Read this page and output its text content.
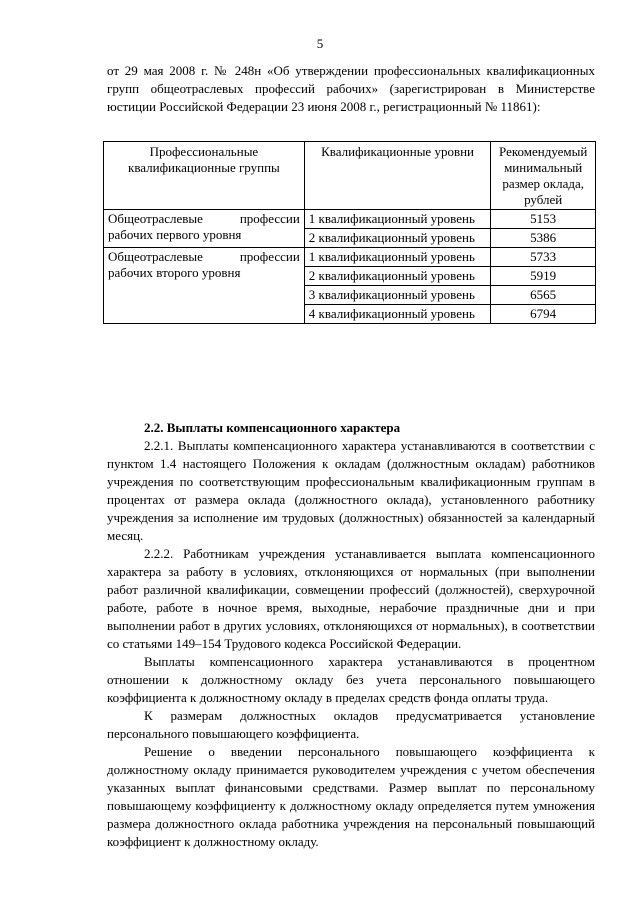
5

от 29 мая 2008 г. № 248н «Об утверждении профессиональных квалификационных групп общеотраслевых профессий рабочих» (зарегистрирован в Министерстве юстиции Российской Федерации 23 июня 2008 г., регистрационный № 11861):

Профессиональные квалификационные группы	Квалификационные уровни	Рекомендуемый минимальный размер оклада, рублей
Общеотраслевые профессии рабочих первого уровня	1 квалификационный уровень	5153
	2 квалификационный уровень	5386
Общеотраслевые профессии рабочих второго уровня	1 квалификационный уровень	5733
	2 квалификационный уровень	5919
	3 квалификационный уровень	6565
	4 квалификационный уровень	6794
2.2. Выплаты компенсационного характера

2.2.1. Выплаты компенсационного характера устанавливаются в соответствии с пунктом 1.4 настоящего Положения к окладам (должностным окладам) работников учреждения по соответствующим профессиональным квалификационным группам в процентах от размера оклада (должностного оклада), установленного работнику учреждения за исполнение им трудовых (должностных) обязанностей за календарный месяц.

2.2.2. Работникам учреждения устанавливается выплата компенсационного характера за работу в условиях, отклоняющихся от нормальных (при выполнении работ различной квалификации, совмещении профессий (должностей), сверхурочной работе, работе в ночное время, выходные, нерабочие праздничные дни и при выполнении работ в других условиях, отклоняющихся от нормальных), в соответствии со статьями 149–154 Трудового кодекса Российской Федерации.

Выплаты компенсационного характера устанавливаются в процентном отношении к должностному окладу без учета персонального повышающего коэффициента к должностному окладу в пределах средств фонда оплаты труда.

К размерам должностных окладов предусматривается установление персонального повышающего коэффициента.

Решение о введении персонального повышающего коэффициента к должностному окладу принимается руководителем учреждения с учетом обеспечения указанных выплат финансовыми средствами. Размер выплат по персональному повышающему коэффициенту к должностному окладу определяется путем умножения размера должностного оклада работника учреждения на персональный повышающий коэффициент к должностному окладу.
